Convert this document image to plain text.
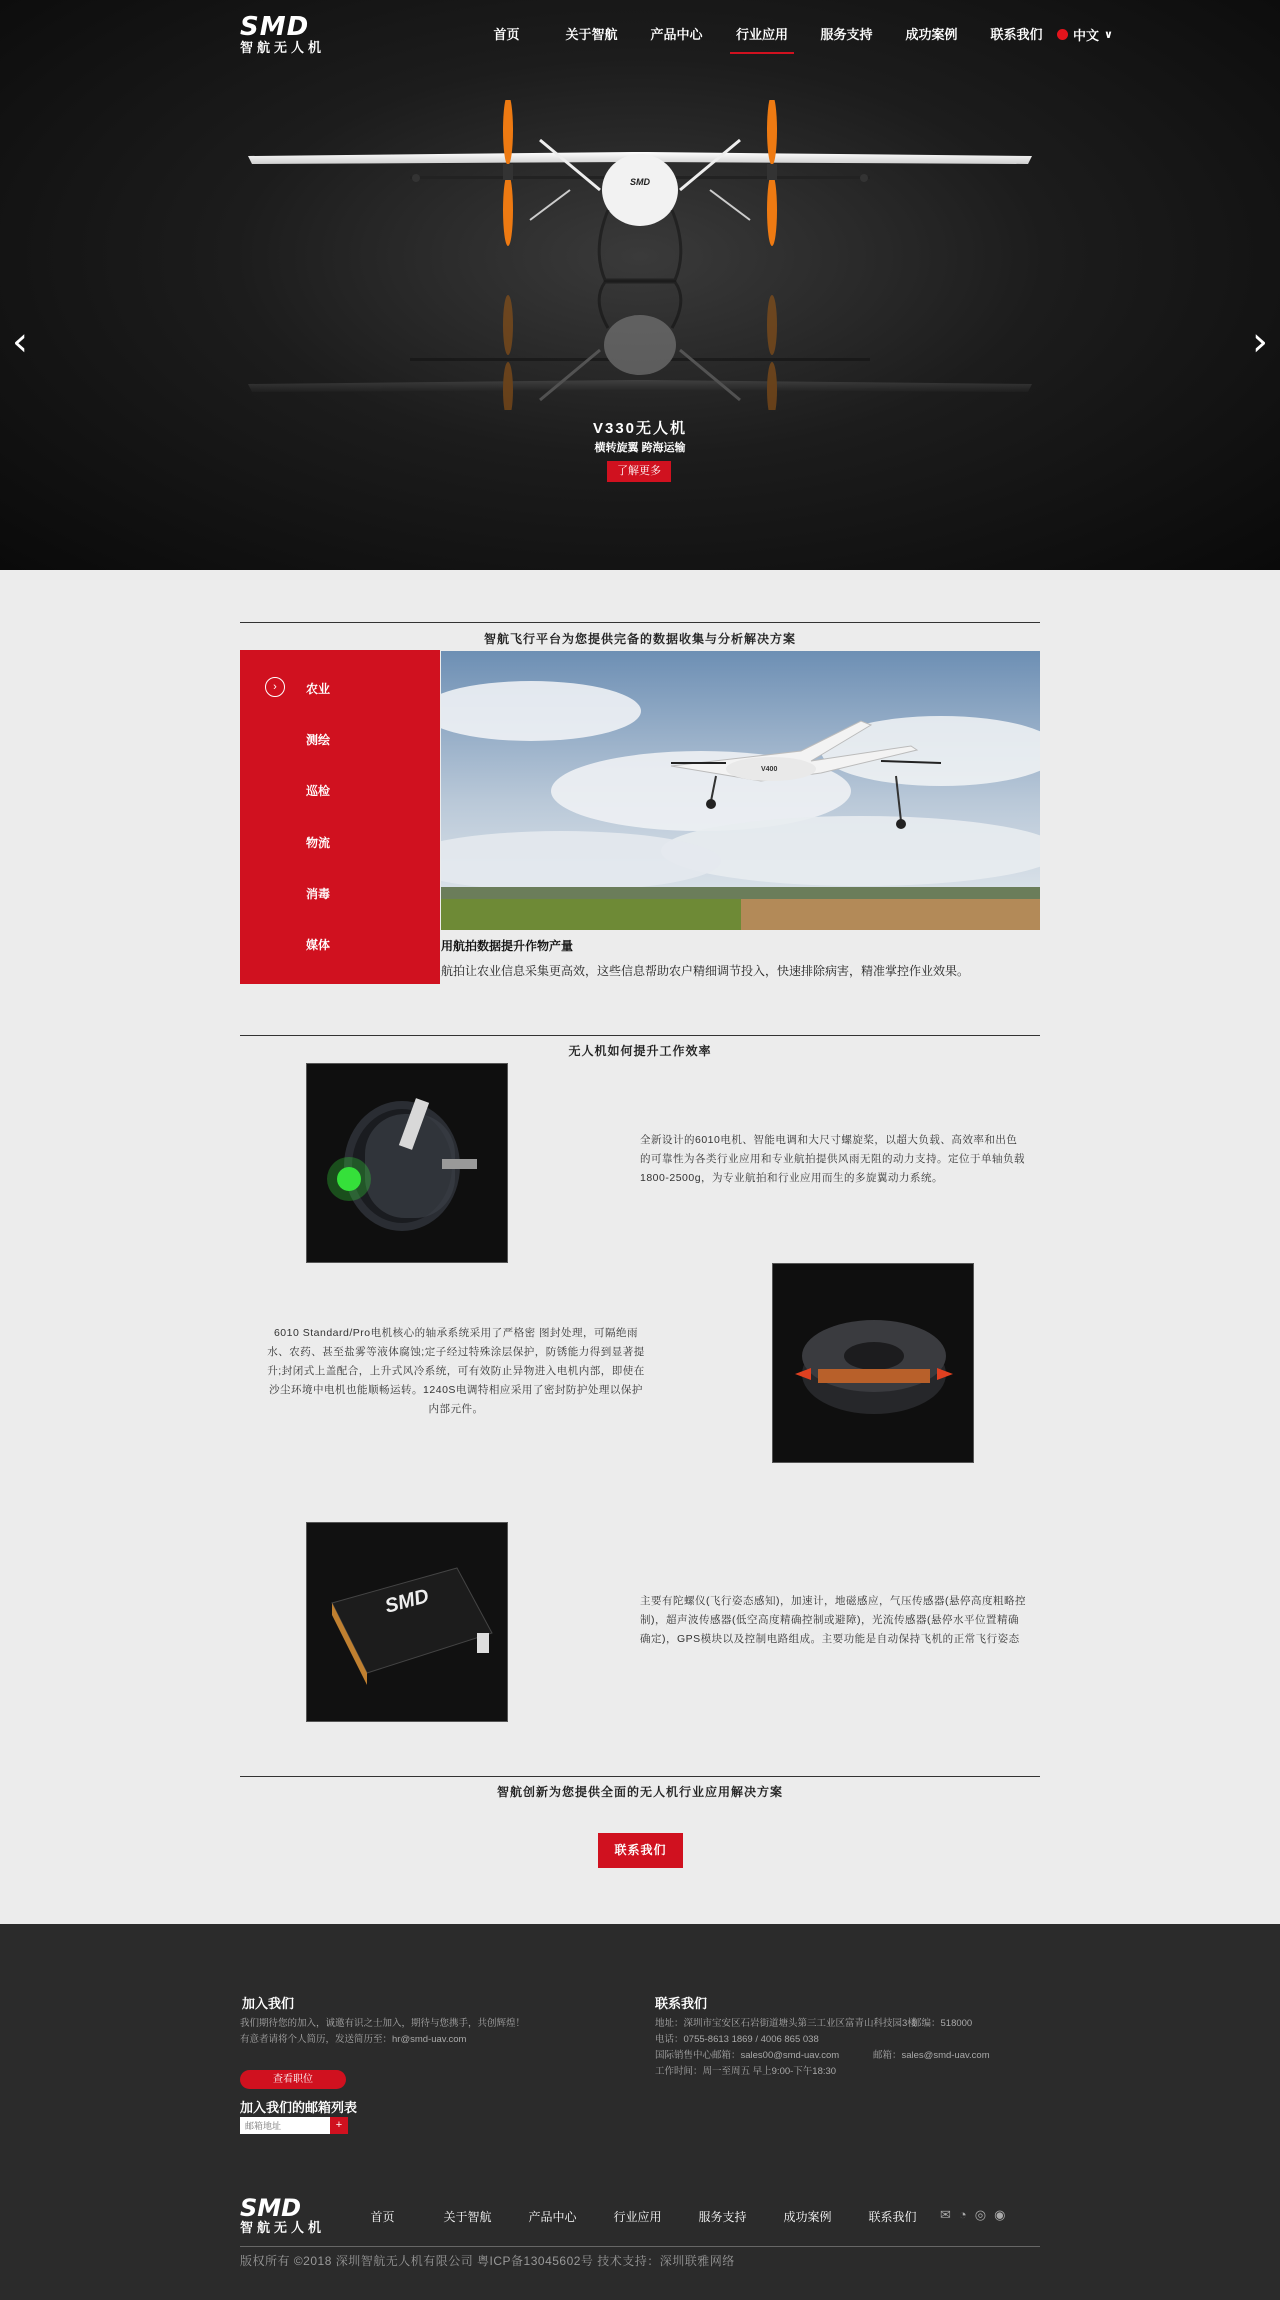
SMD
智航无人机
首页	关于智航	产品中心	行业应用	服务支持	成功案例	联系我们	中文 ∨
‹	›
SMD
V330无人机
横转旋翼 跨海运输
了解更多
智航飞行平台为您提供完备的数据收集与分析解决方案
›	农业
测绘
巡检
物流
消毒
媒体
V400
用航拍数据提升作物产量
航拍让农业信息采集更高效，这些信息帮助农户精细调节投入，快速排除病害，精准掌控作业效果。
无人机如何提升工作效率
全新设计的6010电机、智能电调和大尺寸螺旋桨，以超大负载、高效率和出色的可靠性为各类行业应用和专业航拍提供风雨无阻的动力支持。定位于单轴负载1800-2500g，为专业航拍和行业应用而生的多旋翼动力系统。
6010 Standard/Pro电机核心的轴承系统采用了严格密 图封处理，可隔绝雨水、农药、甚至盐雾等液体腐蚀;定子经过特殊涂层保护，防锈能力得到显著提升;封闭式上盖配合，上升式风冷系统，可有效防止异物进入电机内部，即使在沙尘环境中电机也能顺畅运转。1240S电调特相应采用了密封防护处理以保护内部元件。
SMD	主要有陀螺仪(飞行姿态感知)，加速计，地磁感应，气压传感器(悬停高度粗略控制)，超声波传感器(低空高度精确控制或避障)，光流传感器(悬停水平位置精确确定)，GPS模块以及控制电路组成。主要功能是自动保持飞机的正常飞行姿态
智航创新为您提供全面的无人机行业应用解决方案
联系我们
加入我们
我们期待您的加入，诚邀有识之士加入，期待与您携手，共创辉煌！
有意者请将个人简历，发送简历至：hr@smd-uav.com
查看职位
加入我们的邮箱列表
邮箱地址
+
联系我们
地址：深圳市宝安区石岩街道塘头第三工业区富青山科技园3楼
邮编：518000
电话：0755-8613 1869 / 4006 865 038
国际销售中心邮箱：sales00@smd-uav.com	邮箱：sales@smd-uav.com
工作时间：周一至周五 早上9:00-下午18:30
SMD
智航无人机
首页	关于智航	产品中心	行业应用	服务支持	成功案例	联系我们	✉ ◔ ◎ ◉
版权所有 ©2018 深圳智航无人机有限公司 粤ICP备13045602号 技术支持：深圳联雅网络
